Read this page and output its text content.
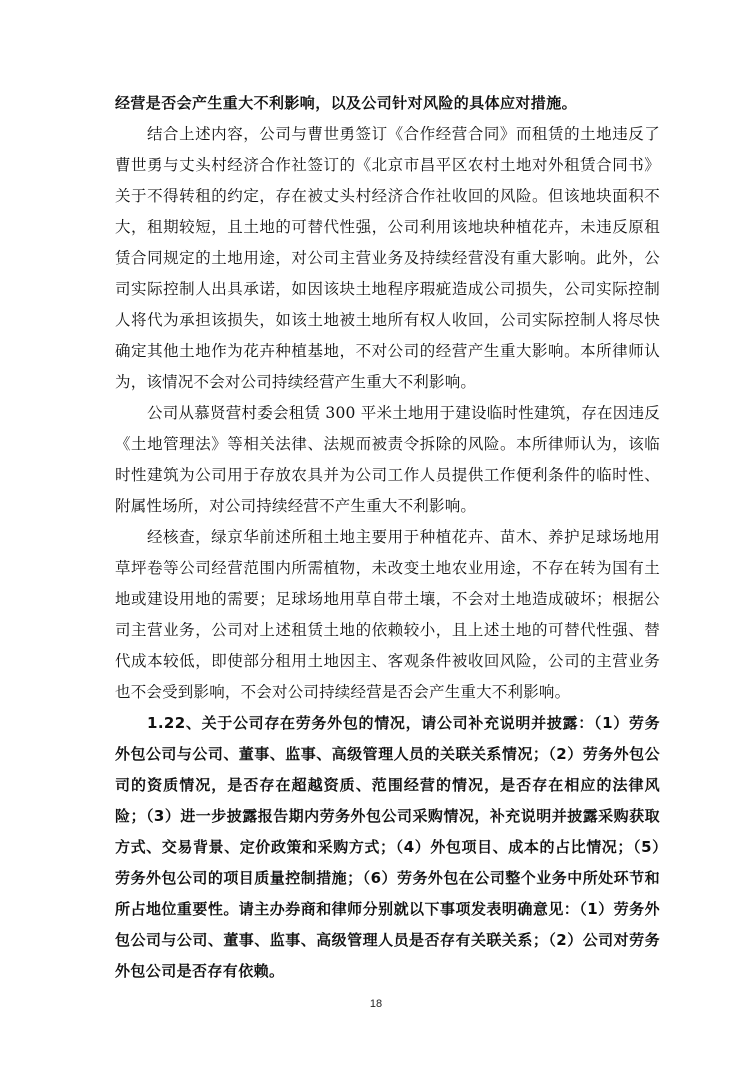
经营是否会产生重大不利影响，以及公司针对风险的具体应对措施。

结合上述内容，公司与曹世勇签订《合作经营合同》而租赁的土地违反了曹世勇与丈头村经济合作社签订的《北京市昌平区农村土地对外租赁合同书》关于不得转租的约定，存在被丈头村经济合作社收回的风险。但该地块面积不大，租期较短，且土地的可替代性强，公司利用该地块种植花卉，未违反原租赁合同规定的土地用途，对公司主营业务及持续经营没有重大影响。此外，公司实际控制人出具承诺，如因该块土地程序瑕疵造成公司损失，公司实际控制人将代为承担该损失，如该土地被土地所有权人收回，公司实际控制人将尽快确定其他土地作为花卉种植基地，不对公司的经营产生重大影响。本所律师认为，该情况不会对公司持续经营产生重大不利影响。

公司从慕贤营村委会租赁 300 平米土地用于建设临时性建筑，存在因违反《土地管理法》等相关法律、法规而被责令拆除的风险。本所律师认为，该临时性建筑为公司用于存放农具并为公司工作人员提供工作便利条件的临时性、附属性场所，对公司持续经营不产生重大不利影响。

经核查，绿京华前述所租土地主要用于种植花卉、苗木、养护足球场地用草坪卷等公司经营范围内所需植物，未改变土地农业用途，不存在转为国有土地或建设用地的需要；足球场地用草自带土壤，不会对土地造成破坏；根据公司主营业务，公司对上述租赁土地的依赖较小，且上述土地的可替代性强、替代成本较低，即使部分租用土地因主、客观条件被收回风险，公司的主营业务也不会受到影响，不会对公司持续经营是否会产生重大不利影响。

1.22、关于公司存在劳务外包的情况，请公司补充说明并披露：（1）劳务外包公司与公司、董事、监事、高级管理人员的关联关系情况；（2）劳务外包公司的资质情况，是否存在超越资质、范围经营的情况，是否存在相应的法律风险；（3）进一步披露报告期内劳务外包公司采购情况，补充说明并披露采购获取方式、交易背景、定价政策和采购方式；（4）外包项目、成本的占比情况；（5）劳务外包公司的项目质量控制措施；（6）劳务外包在公司整个业务中所处环节和所占地位重要性。请主办券商和律师分别就以下事项发表明确意见：（1）劳务外包公司与公司、董事、监事、高级管理人员是否存有关联关系；（2）公司对劳务外包公司是否存有依赖。

18
